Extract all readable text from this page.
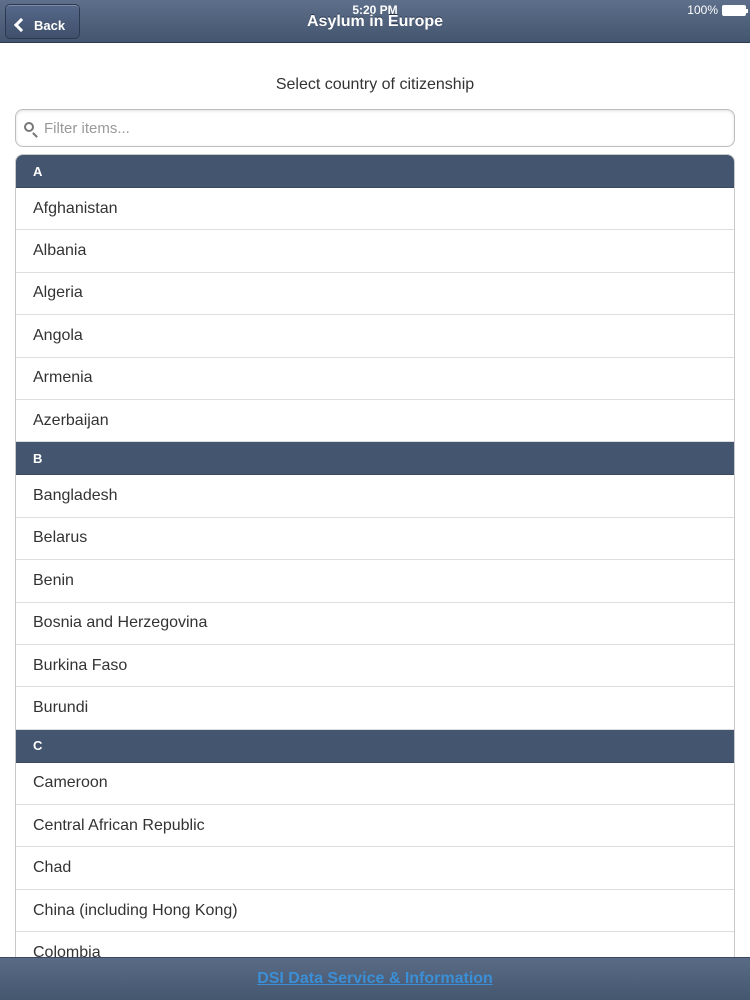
5:20 PM	100%
Back	Asylum in Europe
Select country of citizenship
Filter items...
A
Afghanistan
Albania
Algeria
Angola
Armenia
Azerbaijan
B
Bangladesh
Belarus
Benin
Bosnia and Herzegovina
Burkina Faso
Burundi
C
Cameroon
Central African Republic
Chad
China (including Hong Kong)
Colombia
DSI Data Service & Information
